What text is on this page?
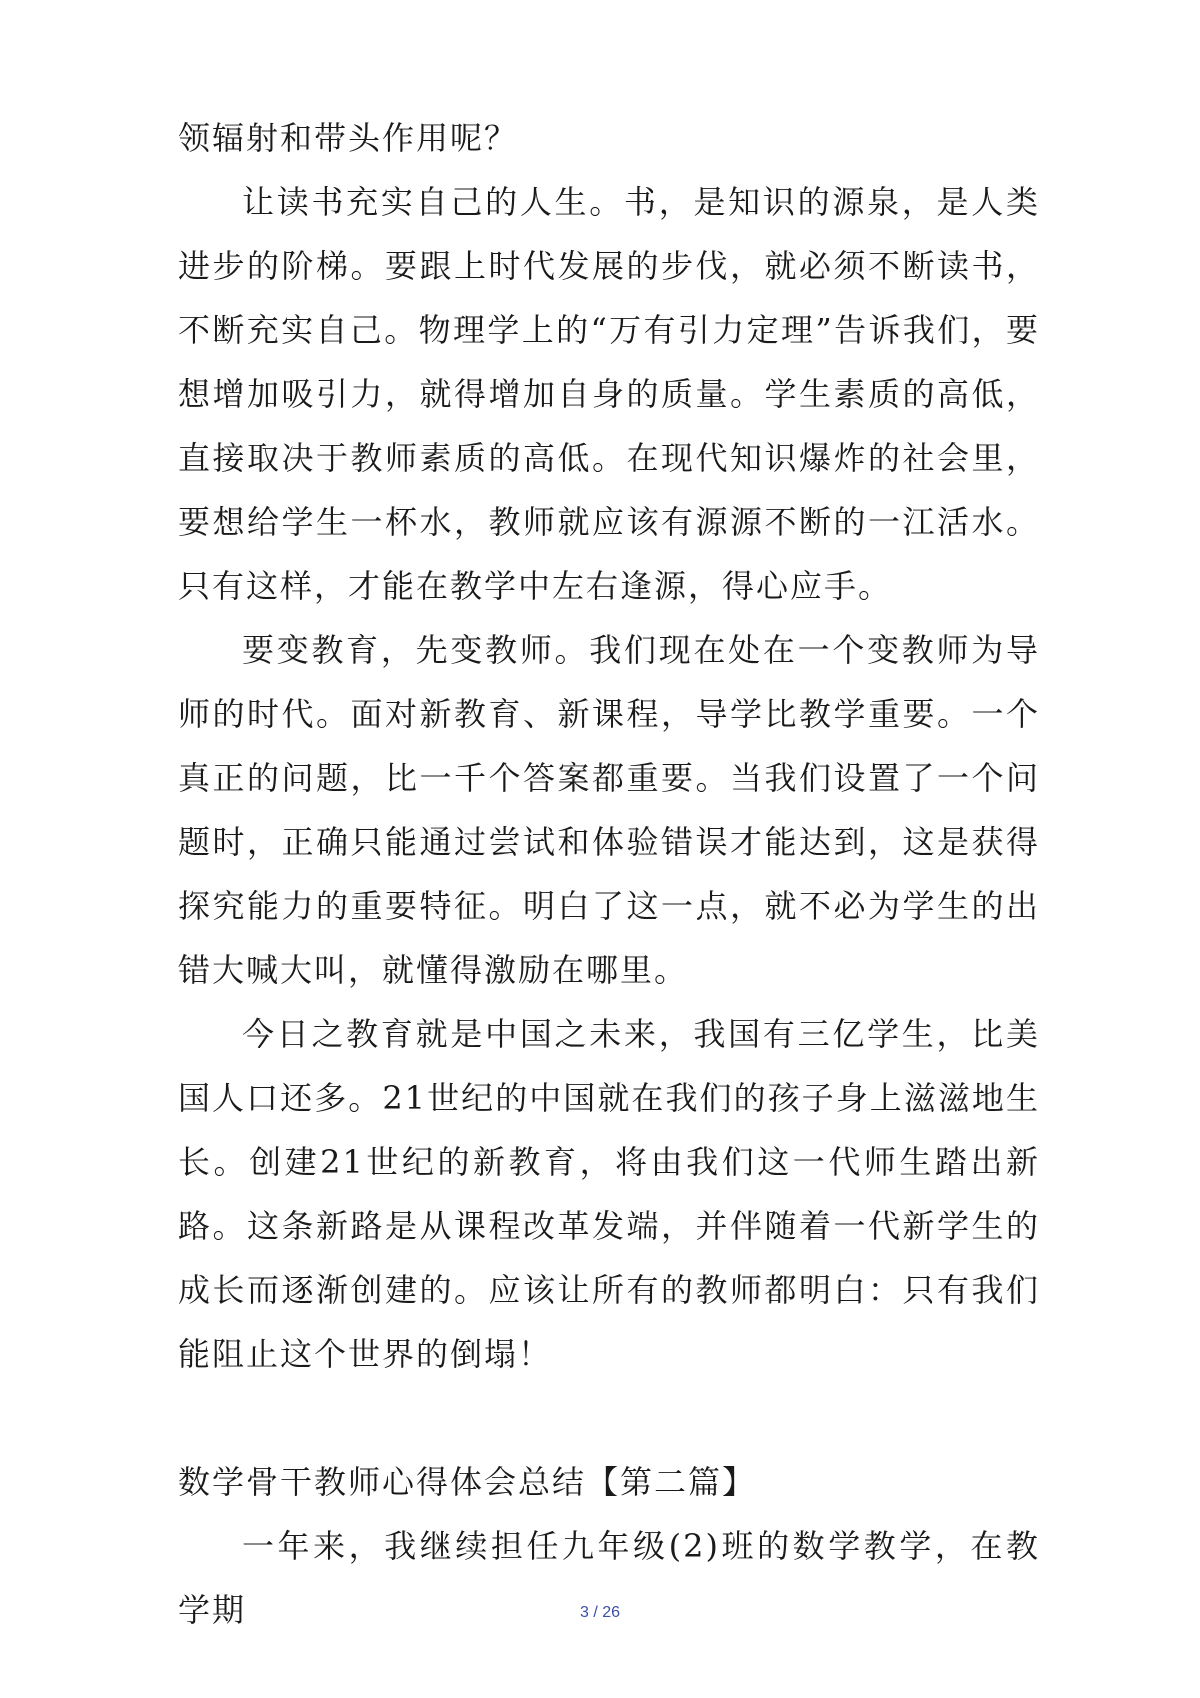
领辐射和带头作用呢？

让读书充实自己的人生。书，是知识的源泉，是人类进步的阶梯。要跟上时代发展的步伐，就必须不断读书，不断充实自己。物理学上的“万有引力定理”告诉我们，要想增加吸引力，就得增加自身的质量。学生素质的高低，直接取决于教师素质的高低。在现代知识爆炸的社会里，要想给学生一杯水，教师就应该有源源不断的一江活水。只有这样，才能在教学中左右逢源，得心应手。

要变教育，先变教师。我们现在处在一个变教师为导师的时代。面对新教育、新课程，导学比教学重要。一个真正的问题，比一千个答案都重要。当我们设置了一个问题时，正确只能通过尝试和体验错误才能达到，这是获得探究能力的重要特征。明白了这一点，就不必为学生的出错大喊大叫，就懂得激励在哪里。

今日之教育就是中国之未来，我国有三亿学生，比美国人口还多。21世纪的中国就在我们的孩子身上滋滋地生长。创建21世纪的新教育，将由我们这一代师生踏出新路。这条新路是从课程改革发端，并伴随着一代新学生的成长而逐渐创建的。应该让所有的教师都明白：只有我们能阻止这个世界的倒塌！

数学骨干教师心得体会总结【第二篇】

一年来，我继续担任九年级(2)班的数学教学，在教学期	3 / 26
